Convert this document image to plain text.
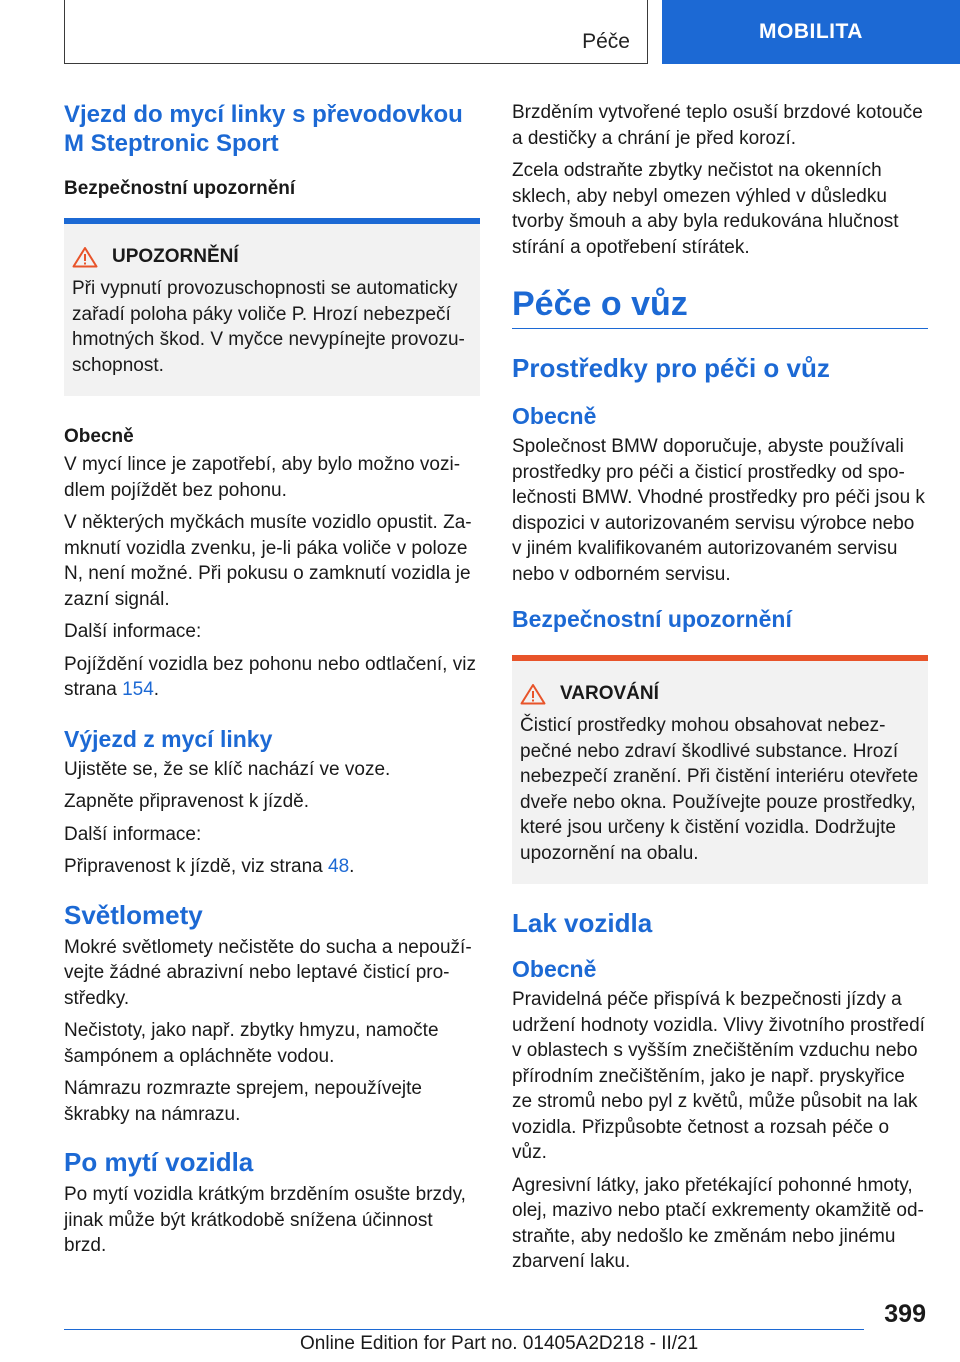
Péče	MOBILITA
Vjezd do mycí linky s převodovkou M Steptronic Sport
Bezpečnostní upozornění
UPOZORNĚNÍ

Při vypnutí provozuschopnosti se automaticky zařadí poloha páky voliče P. Hrozí nebezpečí hmotných škod. V myčce nevypínejte provozuschopnost.

Obecně

V mycí lince je zapotřebí, aby bylo možno vozidlem pojíždět bez pohonu.

V některých myčkách musíte vozidlo opustit. Zamknutí vozidla zvenku, je-li páka voliče v poloze N, není možné. Při pokusu o zamknutí vozidla je zazní signál.

Další informace:

Pojíždění vozidla bez pohonu nebo odtlačení, viz strana 154.

Výjezd z mycí linky

Ujistěte se, že se klíč nachází ve voze.

Zapněte připravenost k jízdě.

Další informace:

Připravenost k jízdě, viz strana 48.

Světlomety

Mokré světlomety nečistěte do sucha a nepoužívejte žádné abrazivní nebo leptavé čisticí prostředky.

Nečistoty, jako např. zbytky hmyzu, namočte šampónem a opláchněte vodou.

Námrazu rozmrazte sprejem, nepoužívejte škrabky na námrazu.

Po mytí vozidla

Po mytí vozidla krátkým brzděním osušte brzdy, jinak může být krátkodobě snížena účinnost brzd.

Brzděním vytvořené teplo osuší brzdové kotouče a destičky a chrání je před korozí.

Zcela odstraňte zbytky nečistot na okenních sklech, aby nebyl omezen výhled v důsledku tvorby šmouh a aby byla redukována hlučnost stírání a opotřebení stírátek.

Péče o vůz
Prostředky pro péči o vůz
Obecně

Společnost BMW doporučuje, abyste používali prostředky pro péči a čisticí prostředky od společnosti BMW. Vhodné prostředky pro péči jsou k dispozici v autorizovaném servisu výrobce nebo v jiném kvalifikovaném autorizovaném servisu nebo v odborném servisu.

Bezpečnostní upozornění
VAROVÁNÍ

Čisticí prostředky mohou obsahovat nebezpečné nebo zdraví škodlivé substance. Hrozí nebezpečí zranění. Při čistění interiéru otevřete dveře nebo okna. Používejte pouze prostředky, které jsou určeny k čistění vozidla. Dodržujte upozornění na obalu.

Lak vozidla
Obecně

Pravidelná péče přispívá k bezpečnosti jízdy a udržení hodnoty vozidla. Vlivy životního prostředí v oblastech s vyšším znečištěním vzduchu nebo přírodním znečištěním, jako je např. pryskyřice ze stromů nebo pyl z květů, může působit na lak vozidla. Přizpůsobte četnost a rozsah péče o vůz.

Agresivní látky, jako přetékající pohonné hmoty, olej, mazivo nebo ptačí exkrementy okamžitě odstraňte, aby nedošlo ke změnám nebo jinému zbarvení laku.

399
Online Edition for Part no. 01405A2D218 - II/21
